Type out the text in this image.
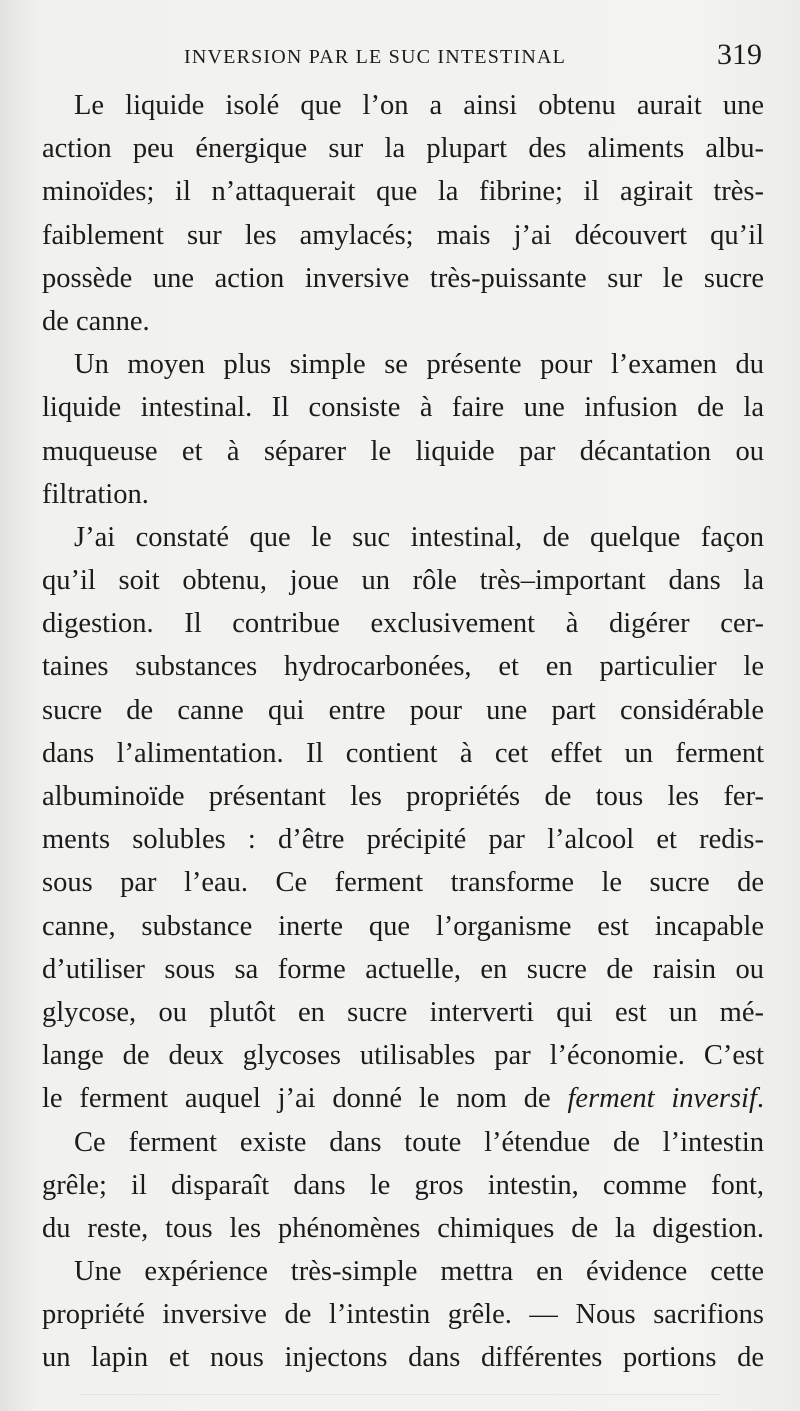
INVERSION PAR LE SUC INTESTINAL	319

Le liquide isolé que l’on a ainsi obtenu aurait une
action peu énergique sur la plupart des aliments albu-
minoïdes; il n’attaquerait que la fibrine; il agirait très-
faiblement sur les amylacés; mais j’ai découvert qu’il
possède une action inversive très-puissante sur le sucre
de canne.

Un moyen plus simple se présente pour l’examen du
liquide intestinal. Il consiste à faire une infusion de la
muqueuse et à séparer le liquide par décantation ou
filtration.

J’ai constaté que le suc intestinal, de quelque façon
qu’il soit obtenu, joue un rôle très–important dans la
digestion. Il contribue exclusivement à digérer cer-
taines substances hydrocarbonées, et en particulier le
sucre de canne qui entre pour une part considérable
dans l’alimentation. Il contient à cet effet un ferment
albuminoïde présentant les propriétés de tous les fer-
ments solubles : d’être précipité par l’alcool et redis-
sous par l’eau. Ce ferment transforme le sucre de
canne, substance inerte que l’organisme est incapable
d’utiliser sous sa forme actuelle, en sucre de raisin ou
glycose, ou plutôt en sucre interverti qui est un mé-
lange de deux glycoses utilisables par l’économie. C’est
le ferment auquel j’ai donné le nom de ferment inversif.

Ce ferment existe dans toute l’étendue de l’intestin
grêle; il disparaît dans le gros intestin, comme font,
du reste, tous les phénomènes chimiques de la digestion.

Une expérience très-simple mettra en évidence cette
propriété inversive de l’intestin grêle. — Nous sacrifions
un lapin et nous injectons dans différentes portions de
